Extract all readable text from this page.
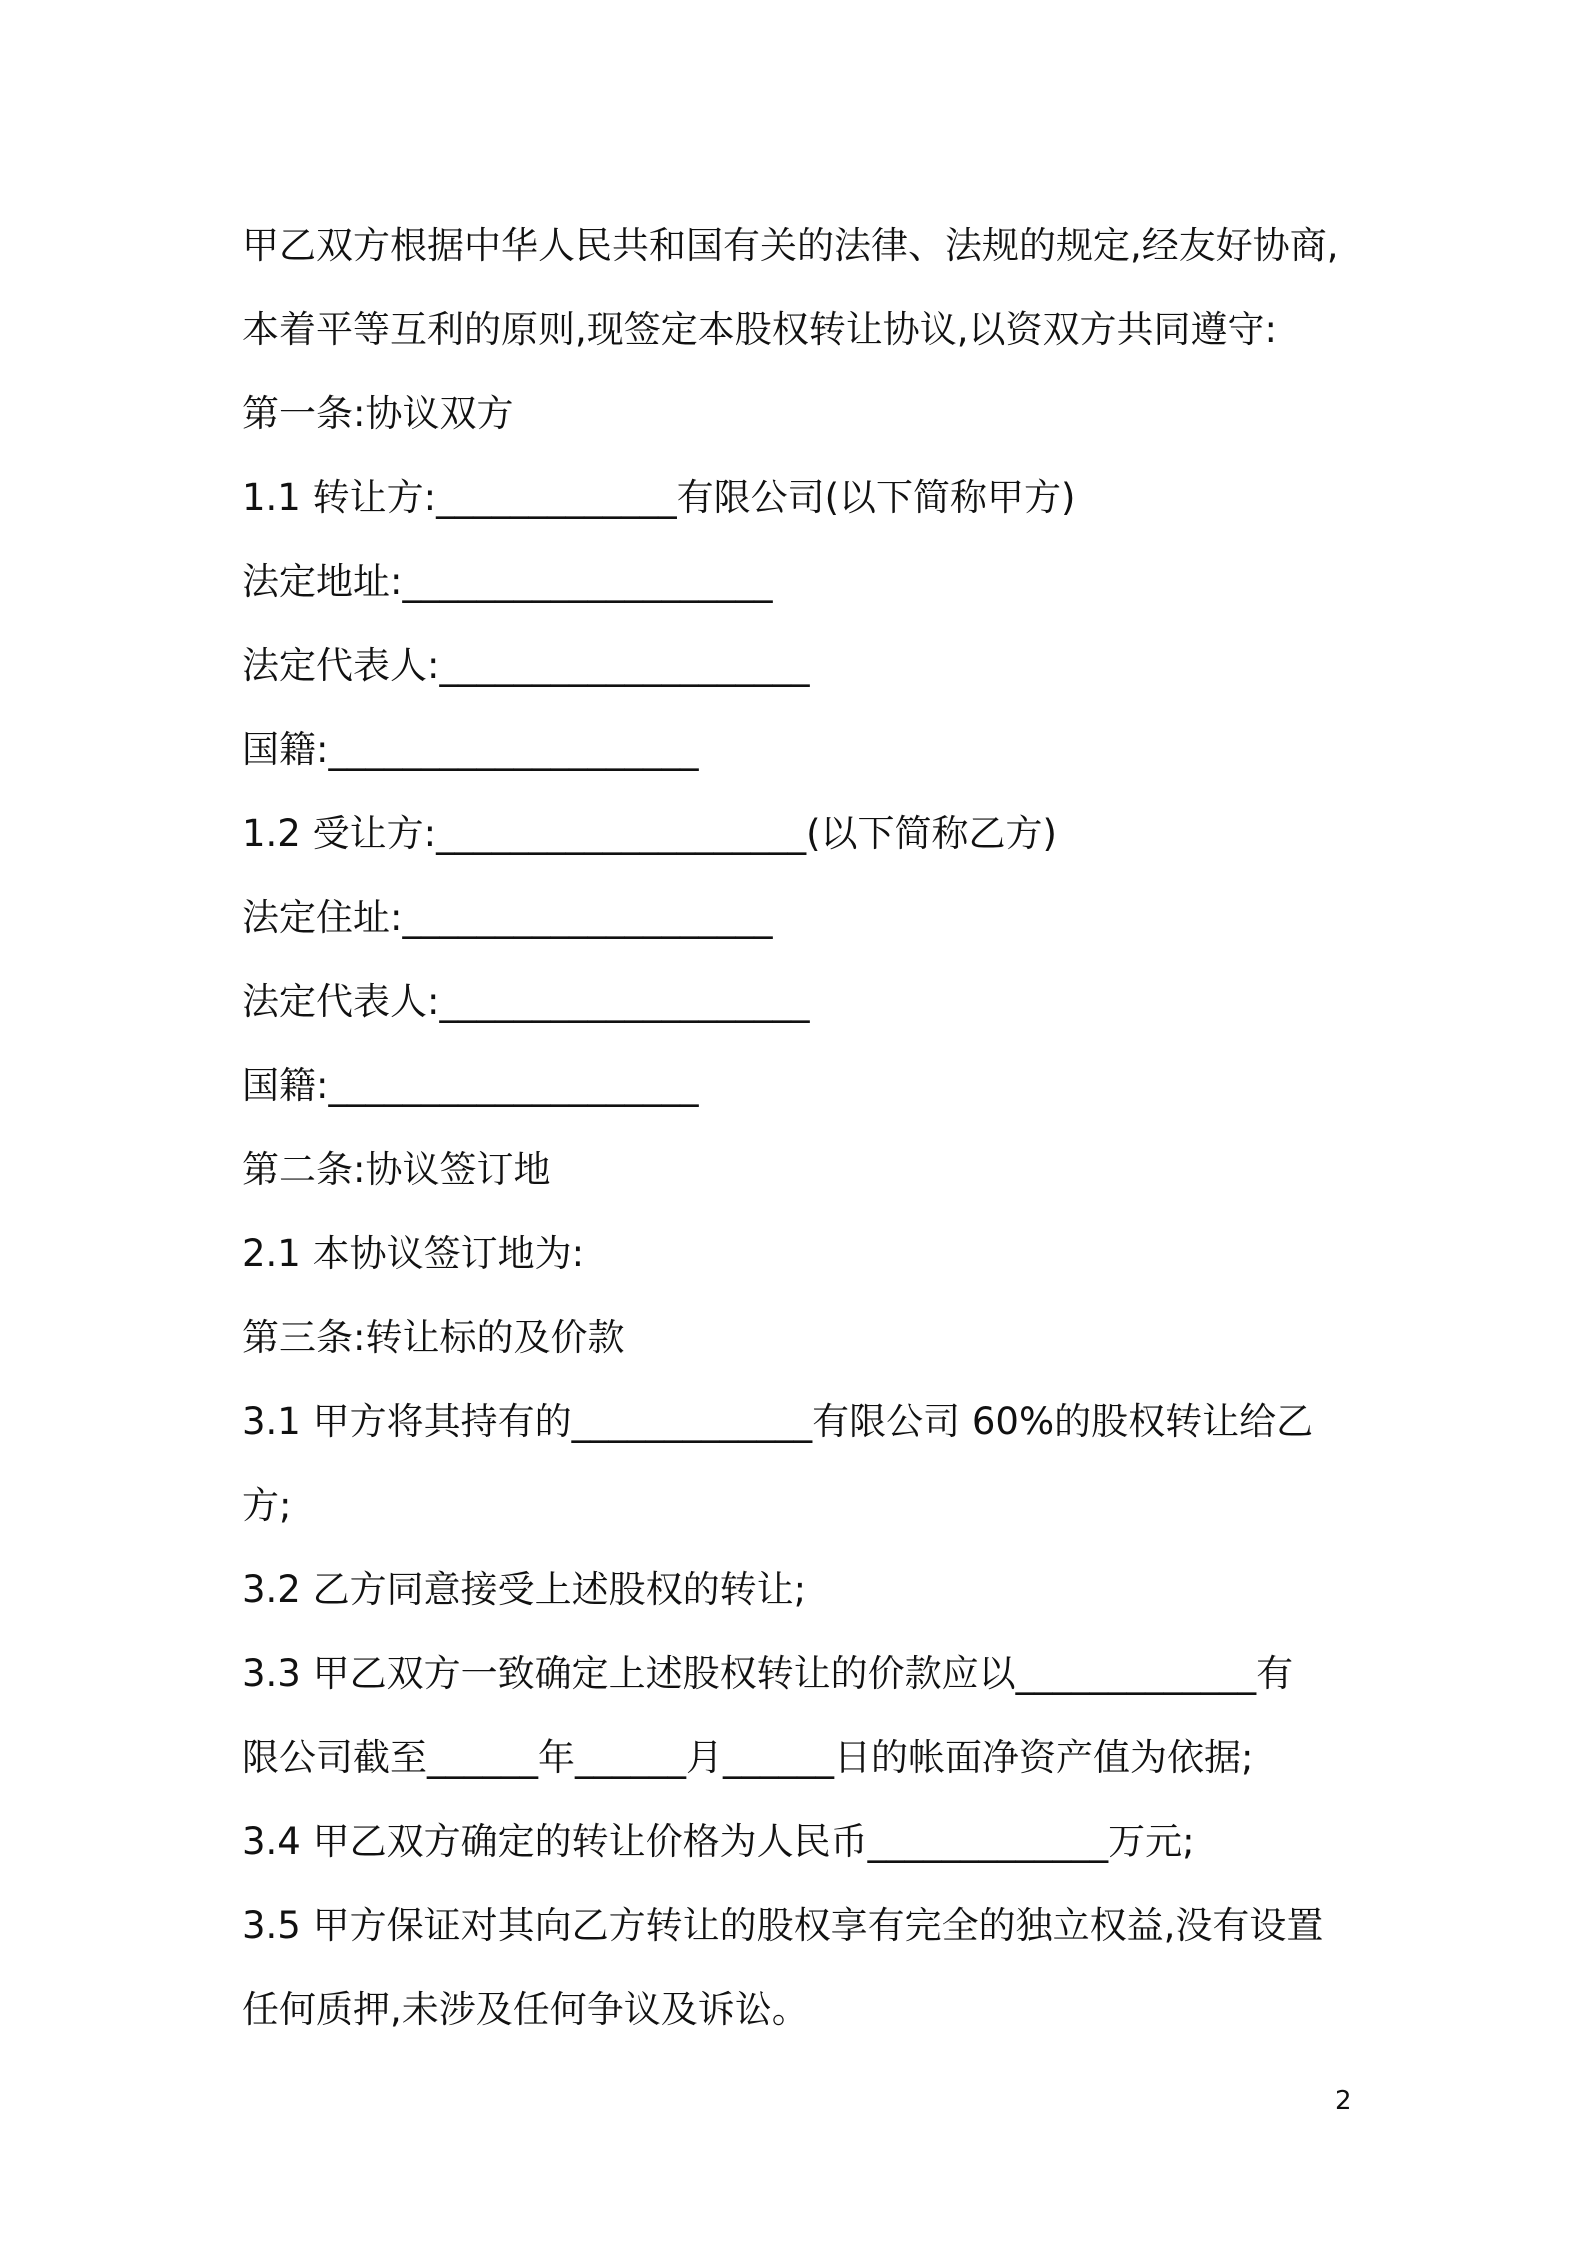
甲乙双方根据中华人民共和国有关的法律、法规的规定,经友好协商,
本着平等互利的原则,现签定本股权转让协议,以资双方共同遵守:
第一条:协议双方
1.1 转让方:_____________有限公司(以下简称甲方)
法定地址:____________________
法定代表人:____________________
国籍:____________________
1.2 受让方:____________________(以下简称乙方)
法定住址:____________________
法定代表人:____________________
国籍:____________________
第二条:协议签订地
2.1 本协议签订地为:
第三条:转让标的及价款
3.1 甲方将其持有的_____________有限公司 60%的股权转让给乙
方;
3.2 乙方同意接受上述股权的转让;
3.3 甲乙双方一致确定上述股权转让的价款应以_____________有
限公司截至______年______月______日的帐面净资产值为依据;
3.4 甲乙双方确定的转让价格为人民币_____________万元;
3.5 甲方保证对其向乙方转让的股权享有完全的独立权益,没有设置
任何质押,未涉及任何争议及诉讼。
2
